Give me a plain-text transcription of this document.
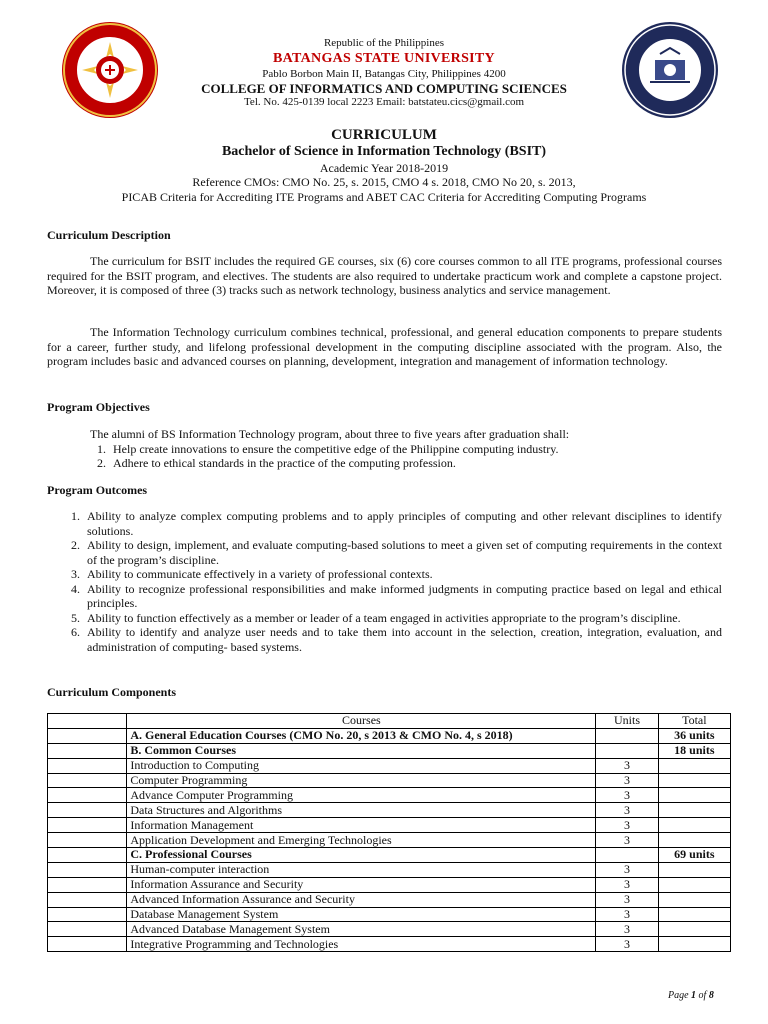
Republic of the Philippines
BATANGAS STATE UNIVERSITY
Pablo Borbon Main II, Batangas City, Philippines 4200
COLLEGE OF INFORMATICS AND COMPUTING SCIENCES
Tel. No. 425-0139 local 2223 Email: batstateu.cics@gmail.com
CURRICULUM
Bachelor of Science in Information Technology (BSIT)
Academic Year 2018-2019
Reference CMOs: CMO No. 25, s. 2015, CMO 4 s. 2018, CMO No 20, s. 2013,
PICAB Criteria for Accrediting ITE Programs and ABET CAC Criteria for Accrediting Computing Programs
Curriculum Description
The curriculum for BSIT includes the required GE courses, six (6) core courses common to all ITE programs, professional courses required for the BSIT program, and electives. The students are also required to undertake practicum work and complete a capstone project. Moreover, it is composed of three (3) tracks such as network technology, business analytics and service management.
The Information Technology curriculum combines technical, professional, and general education components to prepare students for a career, further study, and lifelong professional development in the computing discipline associated with the program. Also, the program includes basic and advanced courses on planning, development, integration and management of information technology.
Program Objectives
The alumni of BS Information Technology program, about three to five years after graduation shall:
1. Help create innovations to ensure the competitive edge of the Philippine computing industry.
2. Adhere to ethical standards in the practice of the computing profession.
Program Outcomes
1. Ability to analyze complex computing problems and to apply principles of computing and other relevant disciplines to identify solutions.
2. Ability to design, implement, and evaluate computing-based solutions to meet a given set of computing requirements in the context of the program’s discipline.
3. Ability to communicate effectively in a variety of professional contexts.
4. Ability to recognize professional responsibilities and make informed judgments in computing practice based on legal and ethical principles.
5. Ability to function effectively as a member or leader of a team engaged in activities appropriate to the program’s discipline.
6. Ability to identify and analyze user needs and to take them into account in the selection, creation, integration, evaluation, and administration of computing- based systems.
Curriculum Components
	Courses	Units	Total
	A. General Education Courses (CMO No. 20, s 2013 & CMO No. 4, s 2018)		36 units
	B. Common Courses		18 units
	Introduction to Computing	3	
	Computer Programming	3	
	Advance Computer Programming	3	
	Data Structures and Algorithms	3	
	Information Management	3	
	Application Development and Emerging Technologies	3	
	C. Professional Courses		69 units
	Human-computer interaction	3	
	Information Assurance and Security	3	
	Advanced Information Assurance and Security	3	
	Database Management System	3	
	Advanced Database Management System	3	
	Integrative Programming and Technologies	3	
Page 1 of 8
